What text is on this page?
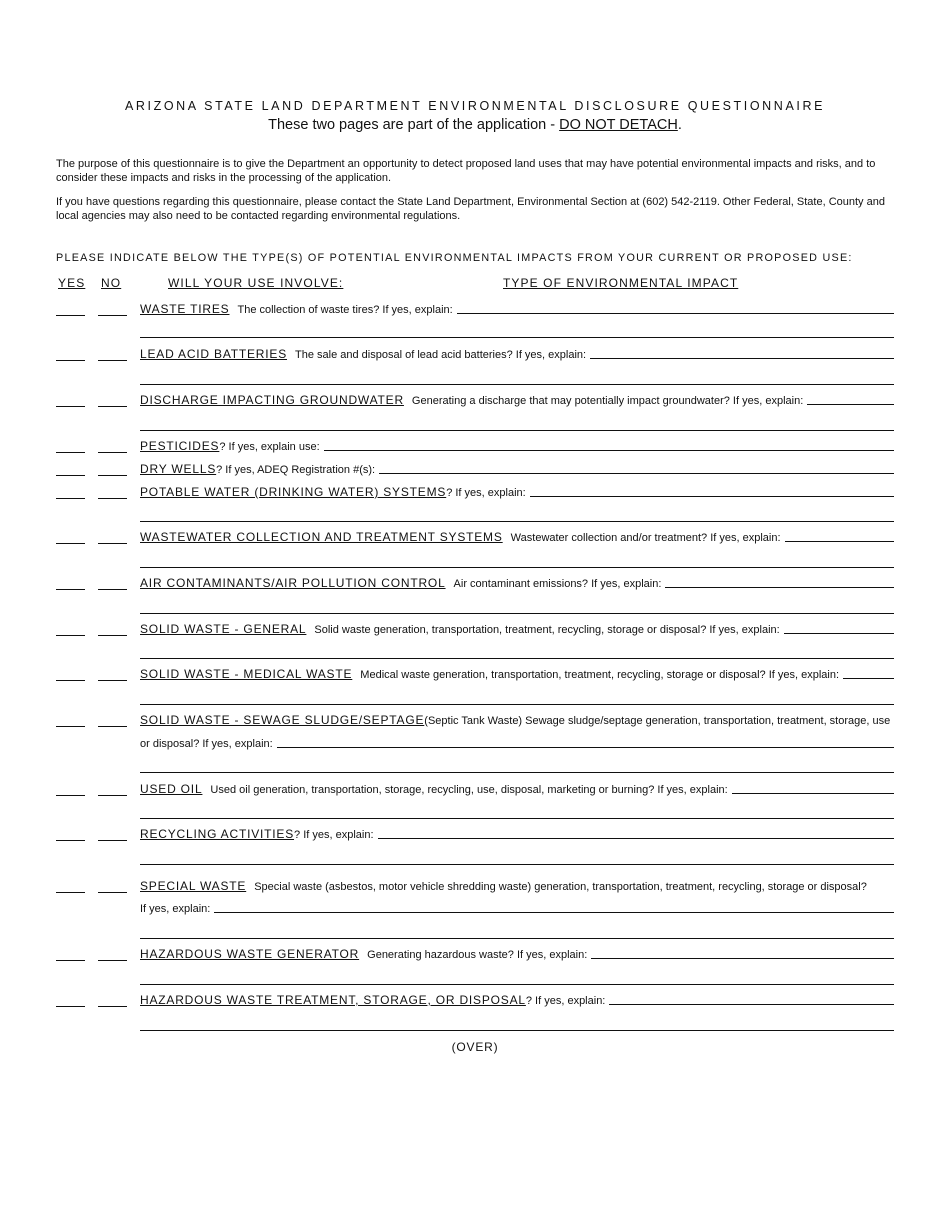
ARIZONA STATE LAND DEPARTMENT ENVIRONMENTAL DISCLOSURE QUESTIONNAIRE
These two pages are part of the application - DO NOT DETACH.
The purpose of this questionnaire is to give the Department an opportunity to detect proposed land uses that may have potential environmental impacts and risks, and to consider these impacts and risks in the processing of the application.
If you have questions regarding this questionnaire, please contact the State Land Department, Environmental Section at (602) 542-2119. Other Federal, State, County and local agencies may also need to be contacted regarding environmental regulations.
PLEASE INDICATE BELOW THE TYPE(S) OF POTENTIAL ENVIRONMENTAL IMPACTS FROM YOUR CURRENT OR PROPOSED USE:
YES NO	WILL YOUR USE INVOLVE:	TYPE OF ENVIRONMENTAL IMPACT
WASTE TIRES The collection of waste tires? If yes, explain:
LEAD ACID BATTERIES The sale and disposal of lead acid batteries? If yes, explain:
DISCHARGE IMPACTING GROUNDWATER Generating a discharge that may potentially impact groundwater? If yes, explain:
PESTICIDES ? If yes, explain use:
DRY WELLS ? If yes, ADEQ Registration #(s):
POTABLE WATER (DRINKING WATER) SYSTEMS ? If yes, explain:
WASTEWATER COLLECTION AND TREATMENT SYSTEMS Wastewater collection and/or treatment? If yes, explain:
AIR CONTAMINANTS/AIR POLLUTION CONTROL Air contaminant emissions? If yes, explain:
SOLID WASTE - GENERAL Solid waste generation, transportation, treatment, recycling, storage or disposal? If yes, explain:
SOLID WASTE - MEDICAL WASTE Medical waste generation, transportation, treatment, recycling, storage or disposal? If yes, explain:
SOLID WASTE - SEWAGE SLUDGE/SEPTAGE (Septic Tank Waste) Sewage sludge/septage generation, transportation, treatment, storage, use
or disposal? If yes, explain:
USED OIL Used oil generation, transportation, storage, recycling, use, disposal, marketing or burning? If yes, explain:
RECYCLING ACTIVITIES ? If yes, explain:
SPECIAL WASTE Special waste (asbestos, motor vehicle shredding waste) generation, transportation, treatment, recycling, storage or disposal?
If yes, explain:
HAZARDOUS WASTE GENERATOR Generating hazardous waste? If yes, explain:
HAZARDOUS WASTE TREATMENT, STORAGE, OR DISPOSAL ? If yes, explain:
(OVER)
